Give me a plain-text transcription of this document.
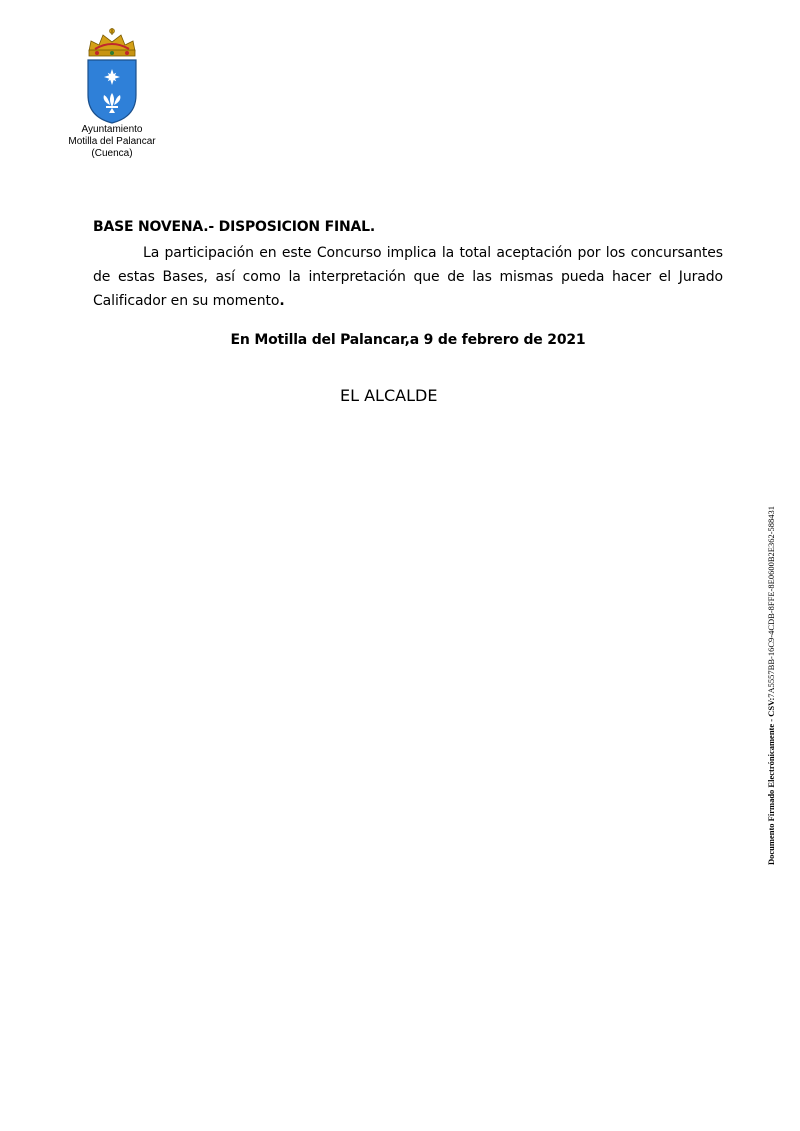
Ayuntamiento
Motilla del Palancar
(Cuenca)
BASE NOVENA.- DISPOSICION FINAL.
La participación en este Concurso implica la total aceptación por los concursantes de estas Bases, así como la interpretación que de las mismas pueda hacer el Jurado Calificador en su momento.
En Motilla del Palancar,a 9 de febrero de 2021
EL ALCALDE
Documento Firmado Electrónicamente - CSV:7A5557BB-16C9-4CDB-8FFE-8E0600B2E362-588431
